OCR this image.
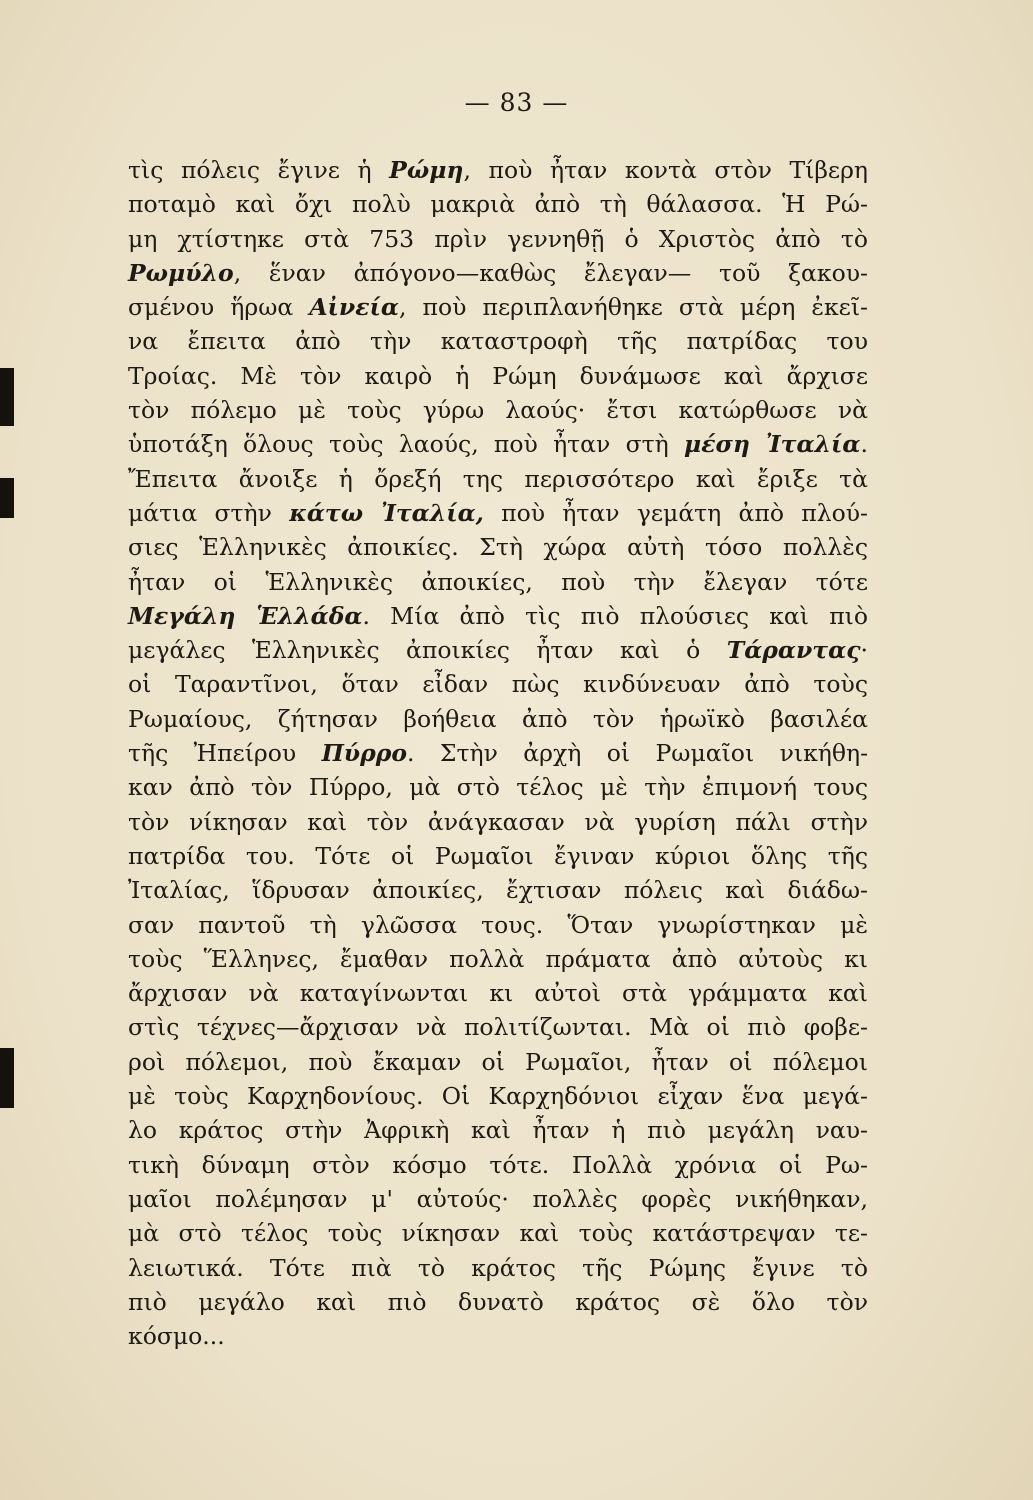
— 83 —
τὶς πόλεις ἔγινε ἡ Ρώμη, ποὺ ἦταν κοντὰ στὸν Τίβερη
ποταμὸ καὶ ὄχι πολὺ μακριὰ ἀπὸ τὴ θάλασσα. Ἡ Ρώ-
μη χτίστηκε στὰ 753 πρὶν γεννηθῇ ὁ Χριστὸς ἀπὸ τὸ
Ρωμύλο, ἕναν ἀπόγονο—καθὼς ἔλεγαν— τοῦ ξακου-
σμένου ἥρωα Αἰνεία, ποὺ περιπλανήθηκε στὰ μέρη ἐκεῖ-
να ἔπειτα ἀπὸ τὴν καταστροφὴ τῆς πατρίδας του
Τροίας. Μὲ τὸν καιρὸ ἡ Ρώμη δυνάμωσε καὶ ἄρχισε
τὸν πόλεμο μὲ τοὺς γύρω λαούς· ἔτσι κατώρθωσε νὰ
ὑποτάξη ὅλους τοὺς λαούς, ποὺ ἦταν στὴ μέση Ἰταλία.
Ἔπειτα ἄνοιξε ἡ ὄρεξή της περισσότερο καὶ ἔριξε τὰ
μάτια στὴν κάτω Ἰταλία, ποὺ ἦταν γεμάτη ἀπὸ πλού-
σιες Ἑλληνικὲς ἀποικίες. Στὴ χώρα αὐτὴ τόσο πολλὲς
ἦταν οἱ Ἑλληνικὲς ἀποικίες, ποὺ τὴν ἔλεγαν τότε
Μεγάλη Ἑλλάδα. Μία ἀπὸ τὶς πιὸ πλούσιες καὶ πιὸ
μεγάλες Ἑλληνικὲς ἀποικίες ἦταν καὶ ὁ Τάραντας·
οἱ Ταραντῖνοι, ὅταν εἶδαν πὼς κινδύνευαν ἀπὸ τοὺς
Ρωμαίους, ζήτησαν βοήθεια ἀπὸ τὸν ἡρωϊκὸ βασιλέα
τῆς Ἠπείρου Πύρρο. Στὴν ἀρχὴ οἱ Ρωμαῖοι νικήθη-
καν ἀπὸ τὸν Πύρρο, μὰ στὸ τέλος μὲ τὴν ἐπιμονή τους
τὸν νίκησαν καὶ τὸν ἀνάγκασαν νὰ γυρίση πάλι στὴν
πατρίδα του. Τότε οἱ Ρωμαῖοι ἔγιναν κύριοι ὅλης τῆς
Ἰταλίας, ἵδρυσαν ἀποικίες, ἔχτισαν πόλεις καὶ διάδω-
σαν παντοῦ τὴ γλῶσσα τους. Ὅταν γνωρίστηκαν μὲ
τοὺς Ἕλληνες, ἔμαθαν πολλὰ πράματα ἀπὸ αὐτοὺς κι
ἄρχισαν νὰ καταγίνωνται κι αὐτοὶ στὰ γράμματα καὶ
στὶς τέχνες—ἄρχισαν νὰ πολιτίζωνται. Μὰ οἱ πιὸ φοβε-
ροὶ πόλεμοι, ποὺ ἔκαμαν οἱ Ρωμαῖοι, ἦταν οἱ πόλεμοι
μὲ τοὺς Καρχηδονίους. Οἱ Καρχηδόνιοι εἶχαν ἕνα μεγά-
λο κράτος στὴν Ἀφρικὴ καὶ ἦταν ἡ πιὸ μεγάλη ναυ-
τικὴ δύναμη στὸν κόσμο τότε. Πολλὰ χρόνια οἱ Ρω-
μαῖοι πολέμησαν μ' αὐτούς· πολλὲς φορὲς νικήθηκαν,
μὰ στὸ τέλος τοὺς νίκησαν καὶ τοὺς κατάστρεψαν τε-
λειωτικά. Τότε πιὰ τὸ κράτος τῆς Ρώμης ἔγινε τὸ
πιὸ μεγάλο καὶ πιὸ δυνατὸ κράτος σὲ ὅλο τὸν
κόσμο...
